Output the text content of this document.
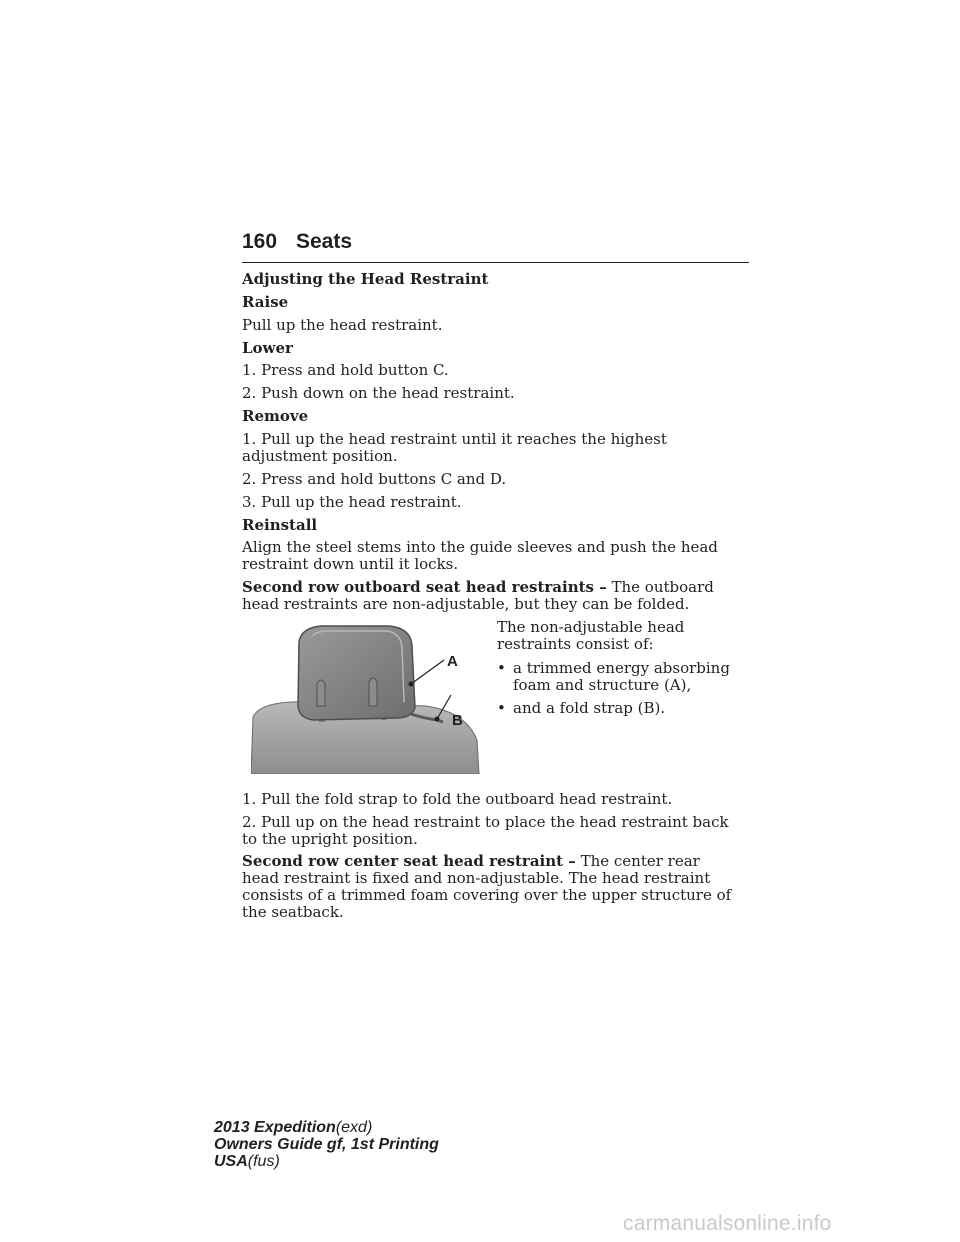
160 Seats

Adjusting the Head Restraint

Raise

Pull up the head restraint.

Lower

1. Press and hold button C.

2. Push down on the head restraint.

Remove

1. Pull up the head restraint until it reaches the highest adjustment position.

2. Press and hold buttons C and D.

3. Pull up the head restraint.

Reinstall

Align the steel stems into the guide sleeves and push the head restraint down until it locks.

Second row outboard seat head restraints – The outboard head restraints are non-adjustable, but they can be folded.

The non-adjustable head restraints consist of:

• a trimmed energy absorbing foam and structure (A),
• and a fold strap (B).
A
B

1. Pull the fold strap to fold the outboard head restraint.

2. Pull up on the head restraint to place the head restraint back to the upright position.

Second row center seat head restraint – The center rear head restraint is fixed and non-adjustable. The head restraint consists of a trimmed foam covering over the upper structure of the seatback.

2013 Expedition(exd)
Owners Guide gf, 1st Printing
USA(fus)
carmanualsonline.info
